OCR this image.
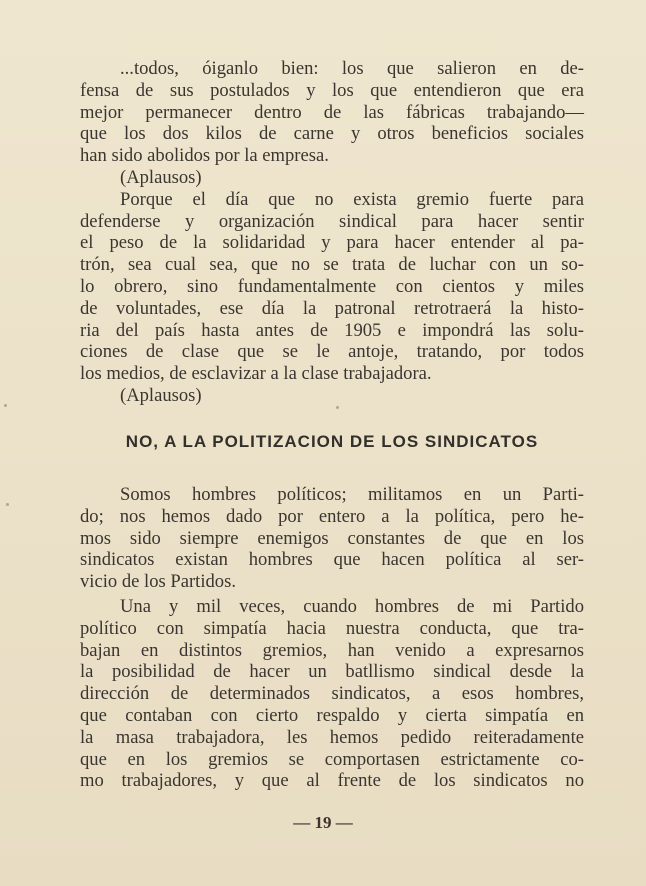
...todos, óiganlo bien: los que salieron en de-
fensa de sus postulados y los que entendieron que era
mejor permanecer dentro de las fábricas trabajando—
que los dos kilos de carne y otros beneficios sociales
han sido abolidos por la empresa.
(Aplausos)
Porque el día que no exista gremio fuerte para
defenderse y organización sindical para hacer sentir
el peso de la solidaridad y para hacer entender al pa-
trón, sea cual sea, que no se trata de luchar con un so-
lo obrero, sino fundamentalmente con cientos y miles
de voluntades, ese día la patronal retrotraerá la histo-
ria del país hasta antes de 1905 e impondrá las solu-
ciones de clase que se le antoje, tratando, por todos
los medios, de esclavizar a la clase trabajadora.
(Aplausos)
NO, A LA POLITIZACION DE LOS SINDICATOS
Somos hombres políticos; militamos en un Parti-
do; nos hemos dado por entero a la política, pero he-
mos sido siempre enemigos constantes de que en los
sindicatos existan hombres que hacen política al ser-
vicio de los Partidos.
Una y mil veces, cuando hombres de mi Partido
político con simpatía hacia nuestra conducta, que tra-
bajan en distintos gremios, han venido a expresarnos
la posibilidad de hacer un batllismo sindical desde la
dirección de determinados sindicatos, a esos hombres,
que contaban con cierto respaldo y cierta simpatía en
la masa trabajadora, les hemos pedido reiteradamente
que en los gremios se comportasen estrictamente co-
mo trabajadores, y que al frente de los sindicatos no
— 19 —
